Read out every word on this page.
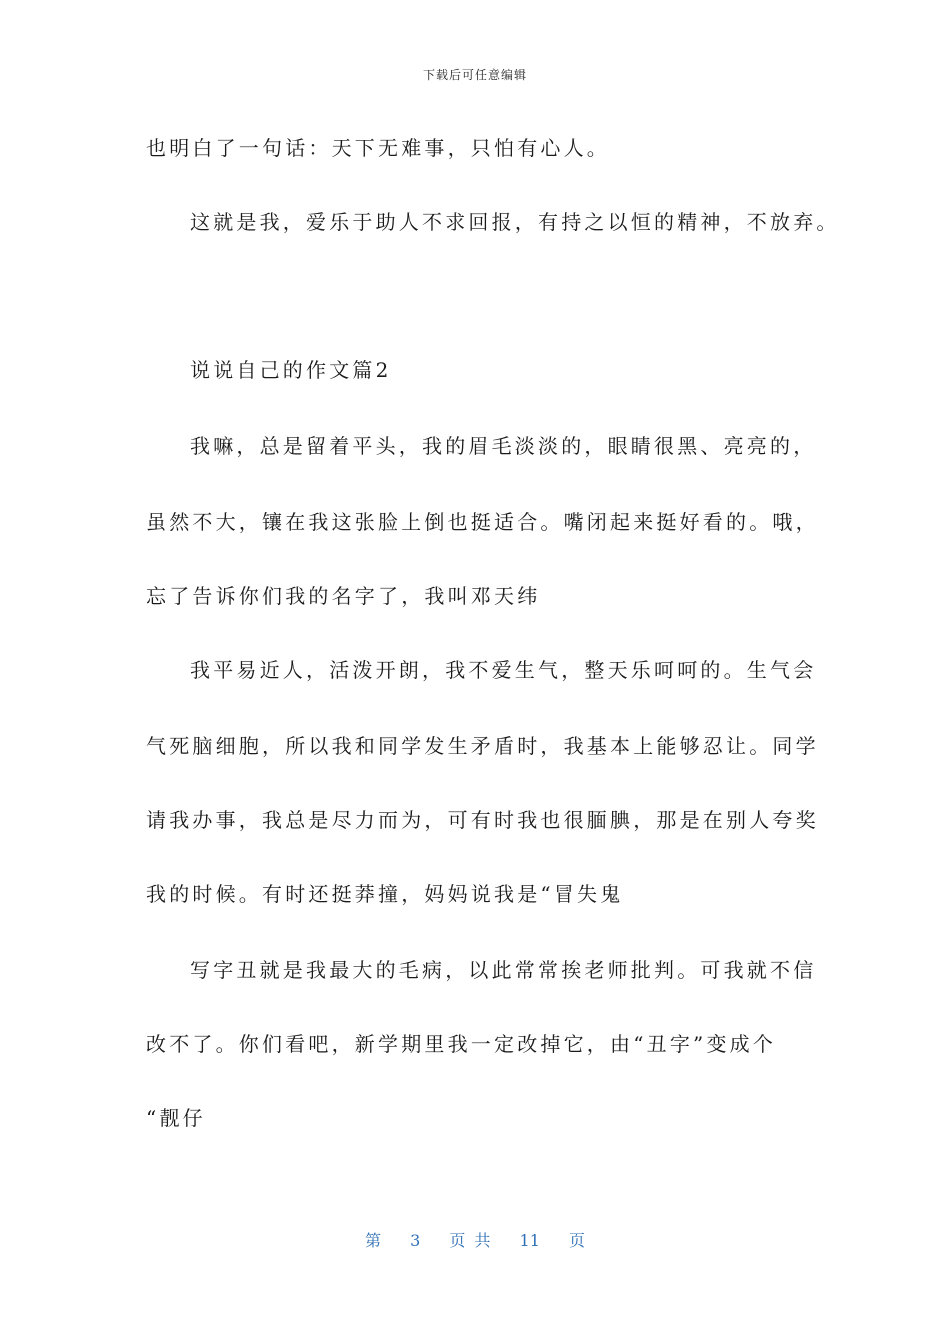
下载后可任意编辑
也明白了一句话：天下无难事，只怕有心人。
这就是我，爱乐于助人不求回报，有持之以恒的精神，不放弃。
说说自己的作文篇2
我嘛，总是留着平头，我的眉毛淡淡的，眼睛很黑、亮亮的，
虽然不大，镶在我这张脸上倒也挺适合。嘴闭起来挺好看的。哦，
忘了告诉你们我的名字了，我叫邓天纬
我平易近人，活泼开朗，我不爱生气，整天乐呵呵的。生气会
气死脑细胞，所以我和同学发生矛盾时，我基本上能够忍让。同学
请我办事，我总是尽力而为，可有时我也很腼腆，那是在别人夸奖
我的时候。有时还挺莽撞，妈妈说我是“冒失鬼
写字丑就是我最大的毛病，以此常常挨老师批判。可我就不信
改不了。你们看吧，新学期里我一定改掉它，由“丑字”变成个
“靓仔
第 3 页 共 11 页
